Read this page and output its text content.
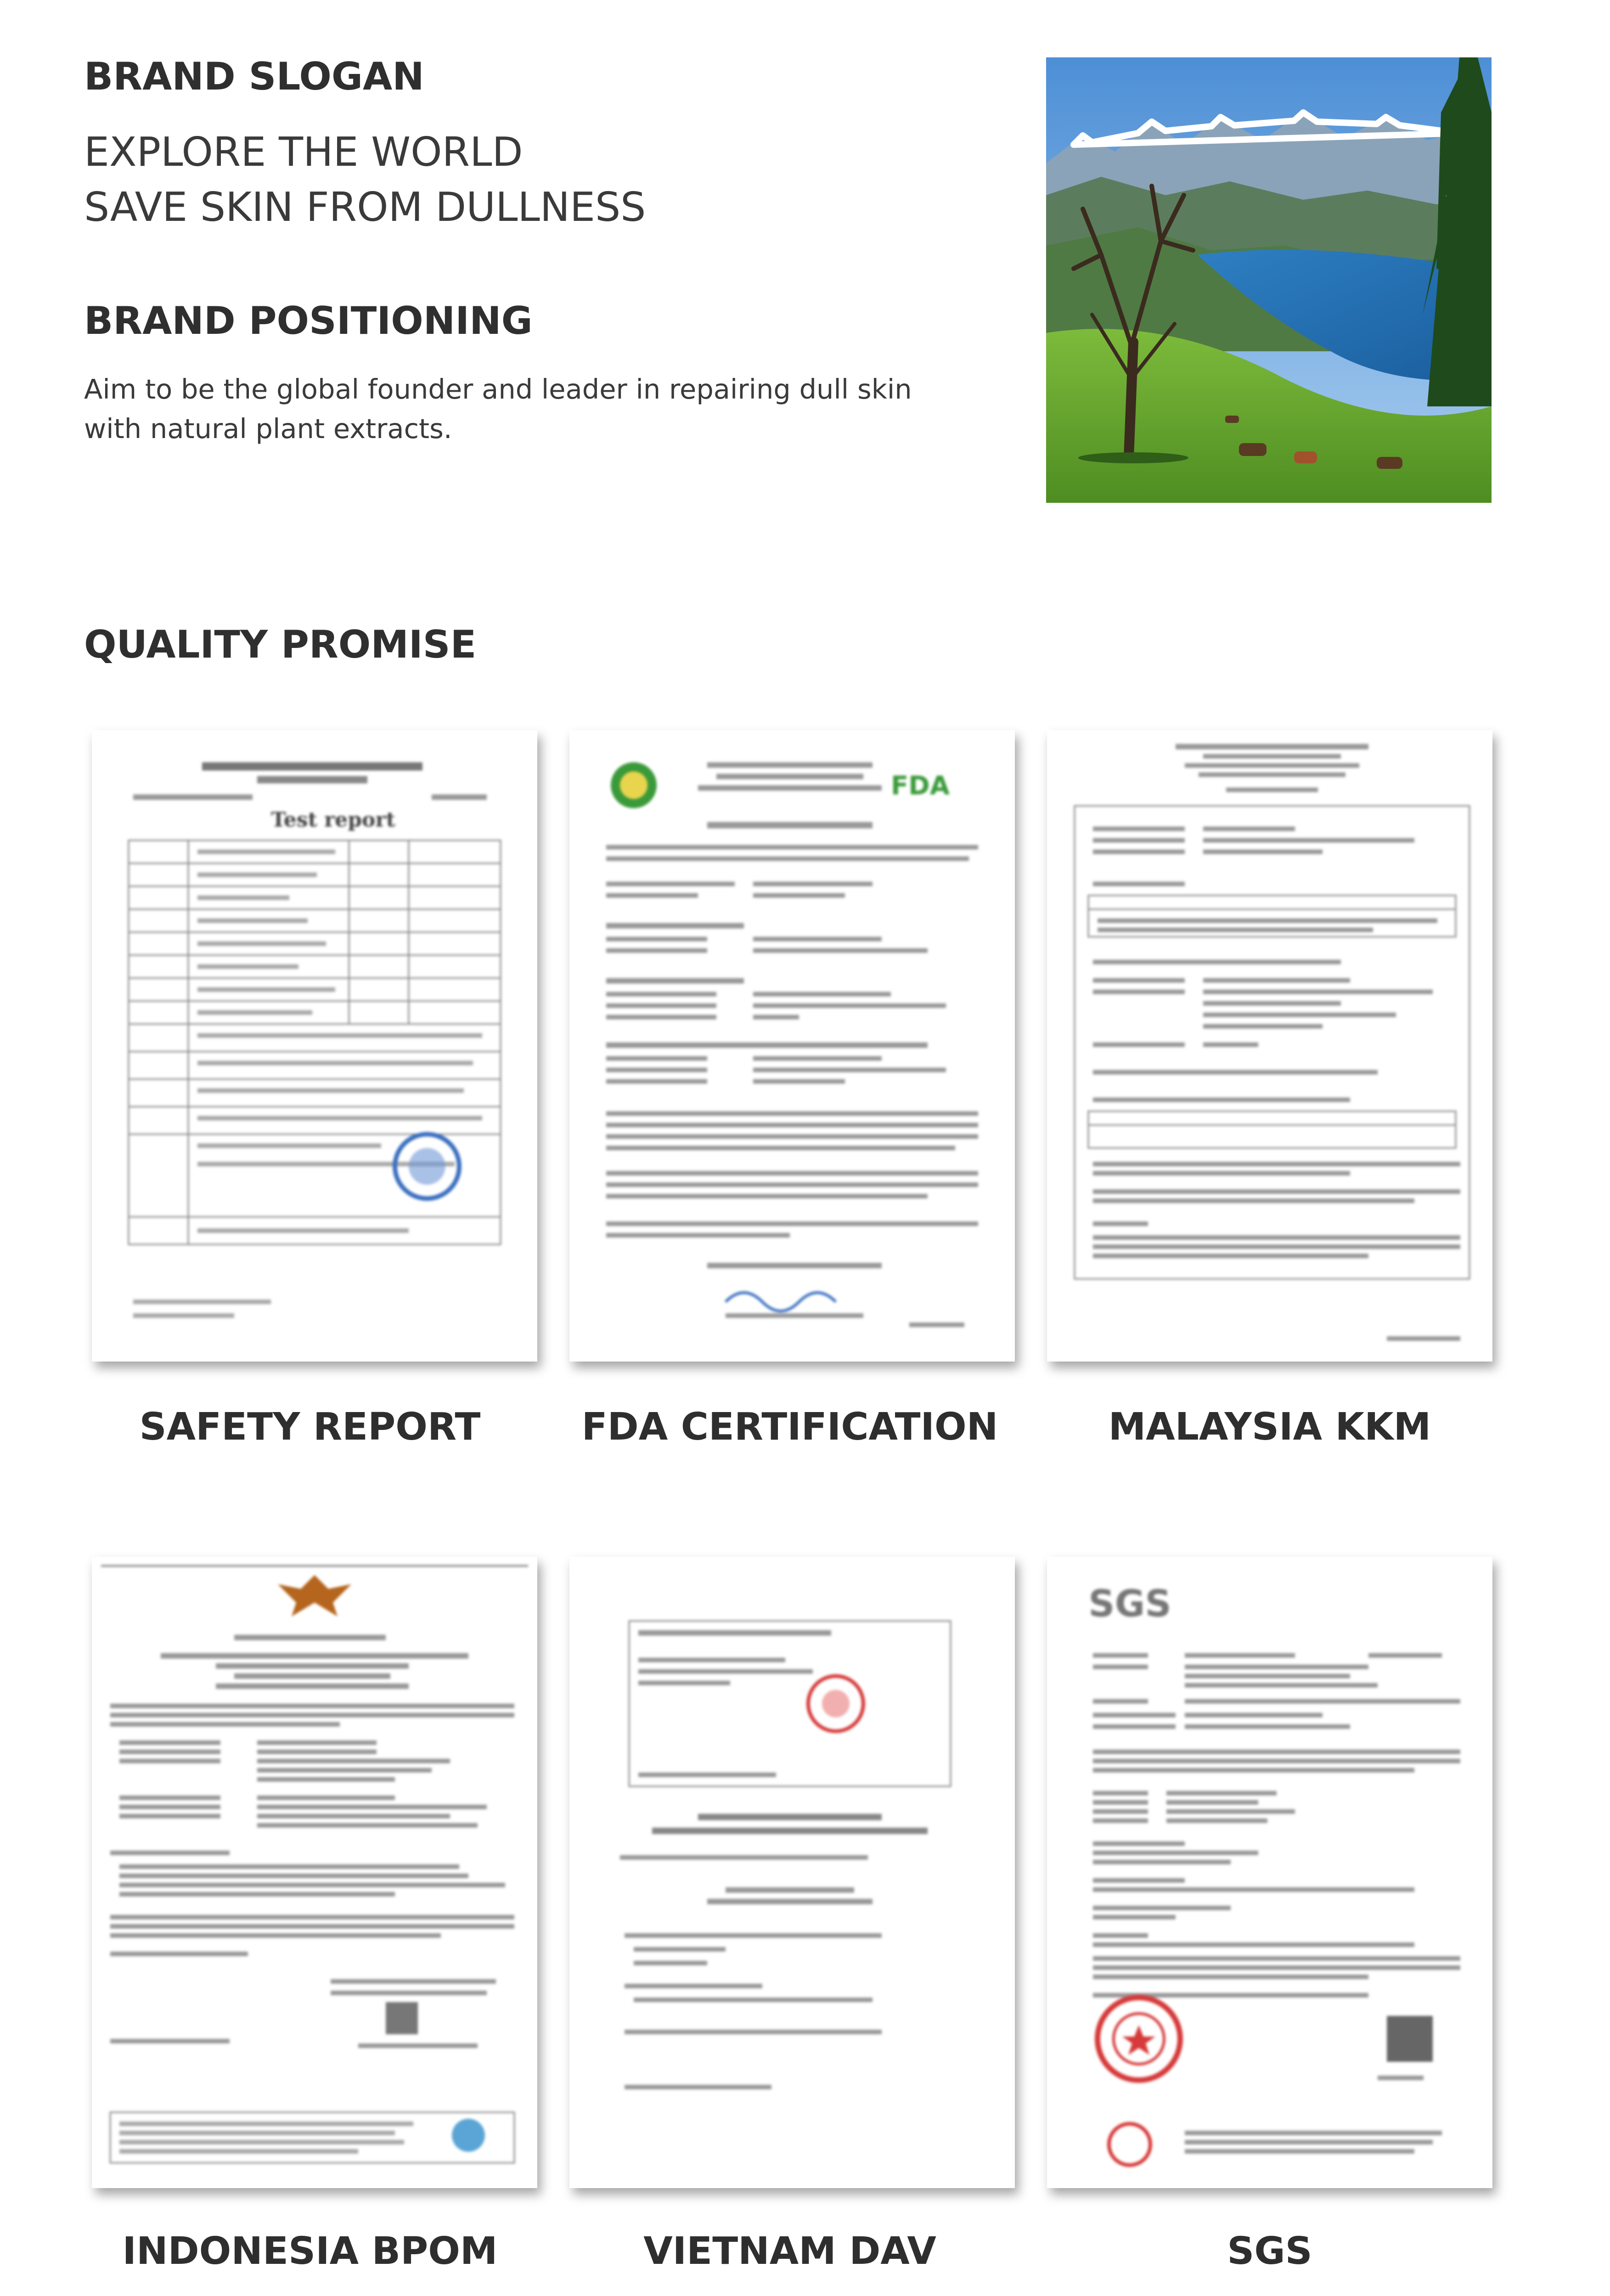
BRAND SLOGAN
EXPLORE THE WORLD
SAVE SKIN FROM DULLNESS
BRAND POSITIONING
Aim to be the global founder and leader in repairing dull skin with natural plant extracts.
QUALITY PROMISE
Test report
FDA
SGS
SAFETY REPORT	FDA CERTIFICATION	MALAYSIA KKM
INDONESIA BPOM	VIETNAM DAV	SGS
